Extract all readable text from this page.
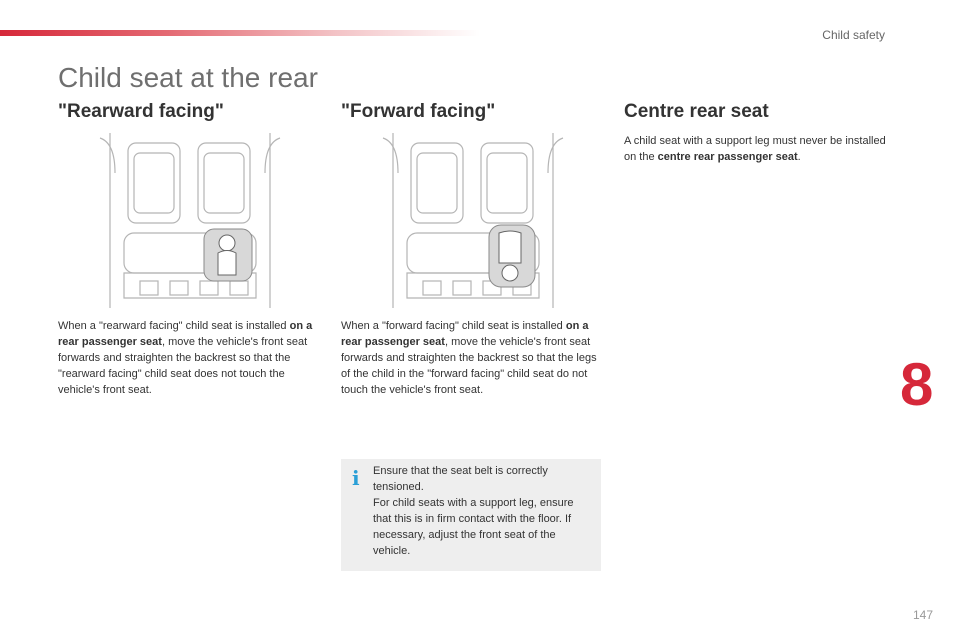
Child safety
Child seat at the rear
"Rearward facing"
When a "rearward facing" child seat is installed on a rear passenger seat, move the vehicle's front seat forwards and straighten the backrest so that the "rearward facing" child seat does not touch the vehicle's front seat.
"Forward facing"
When a "forward facing" child seat is installed on a rear passenger seat, move the vehicle's front seat forwards and straighten the backrest so that the legs of the child in the "forward facing" child seat do not touch the vehicle's front seat.
Centre rear seat
A child seat with a support leg must never be installed on the centre rear passenger seat.
i Ensure that the seat belt is correctly tensioned.
For child seats with a support leg, ensure that this is in firm contact with the floor. If necessary, adjust the front seat of the vehicle.
8
147
